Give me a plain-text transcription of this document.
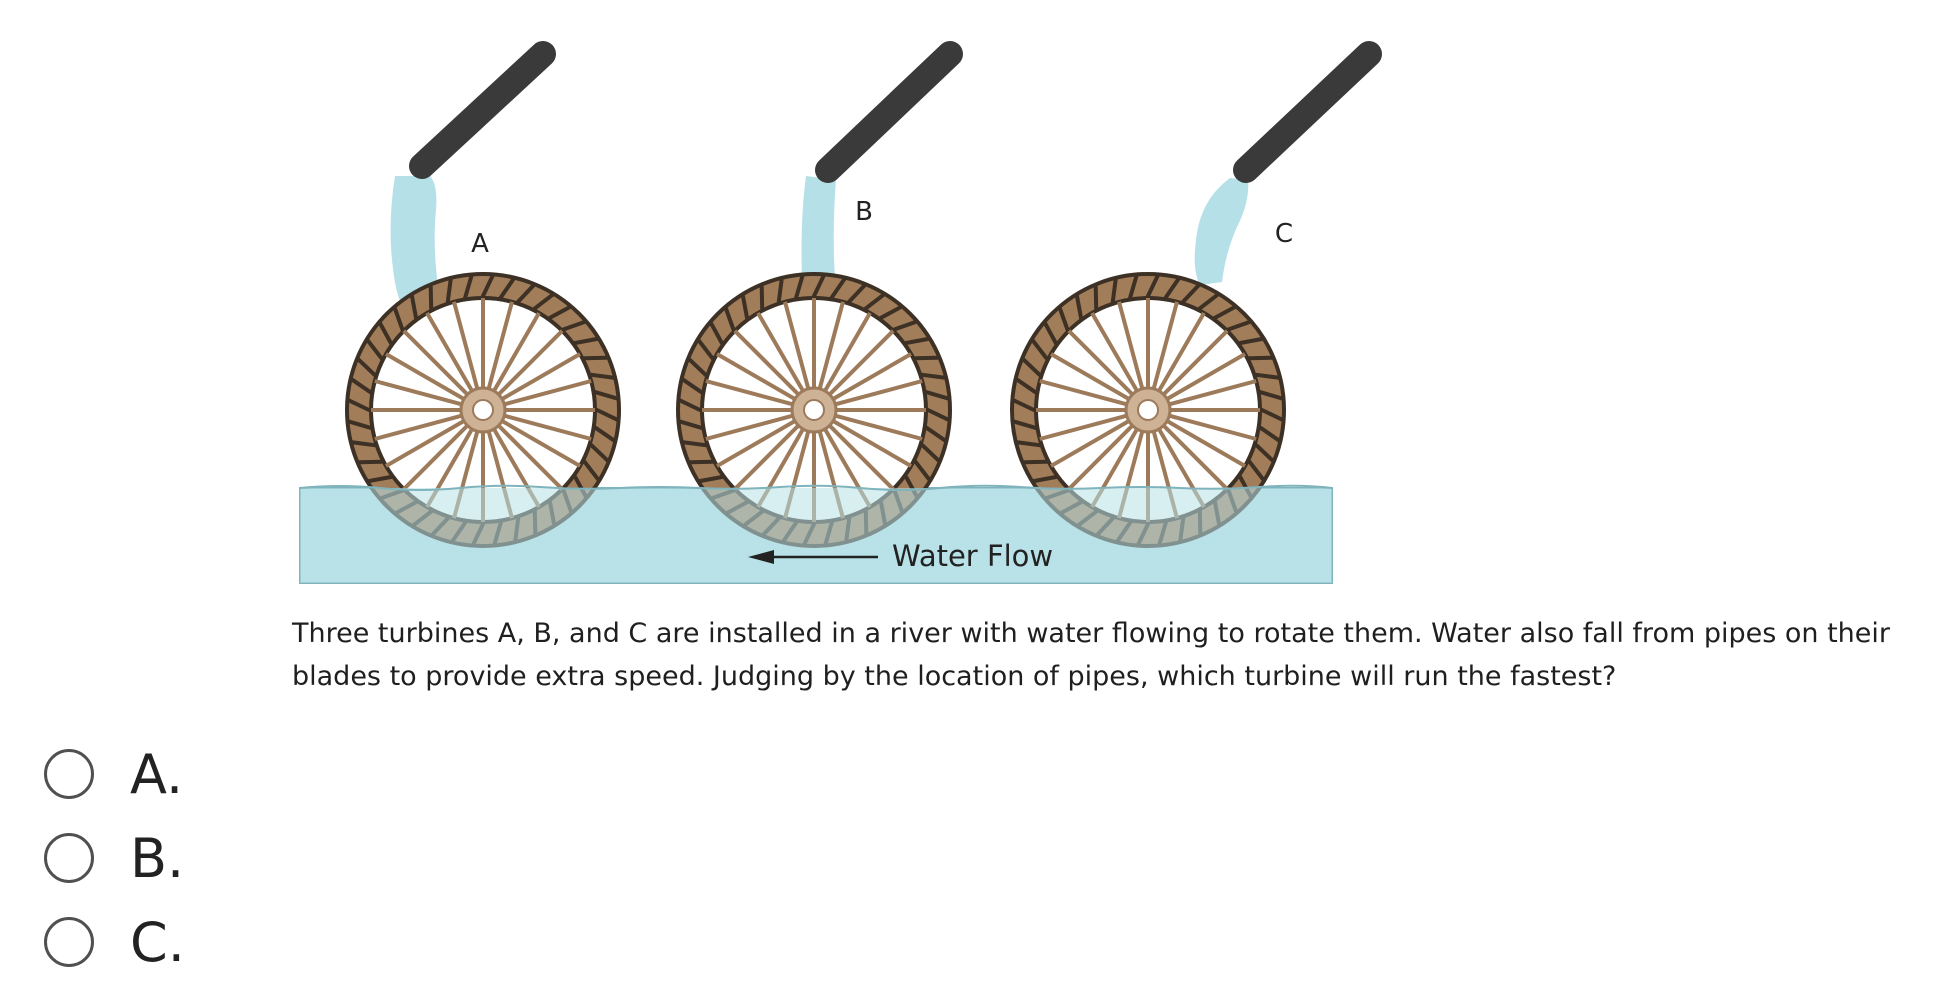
A
B
C
Water Flow

Three turbines A, B, and C are installed in a river with water flowing to rotate them. Water also fall from pipes on their blades to provide extra speed. Judging by the location of pipes, which turbine will run the fastest?

A.
B.
C.
